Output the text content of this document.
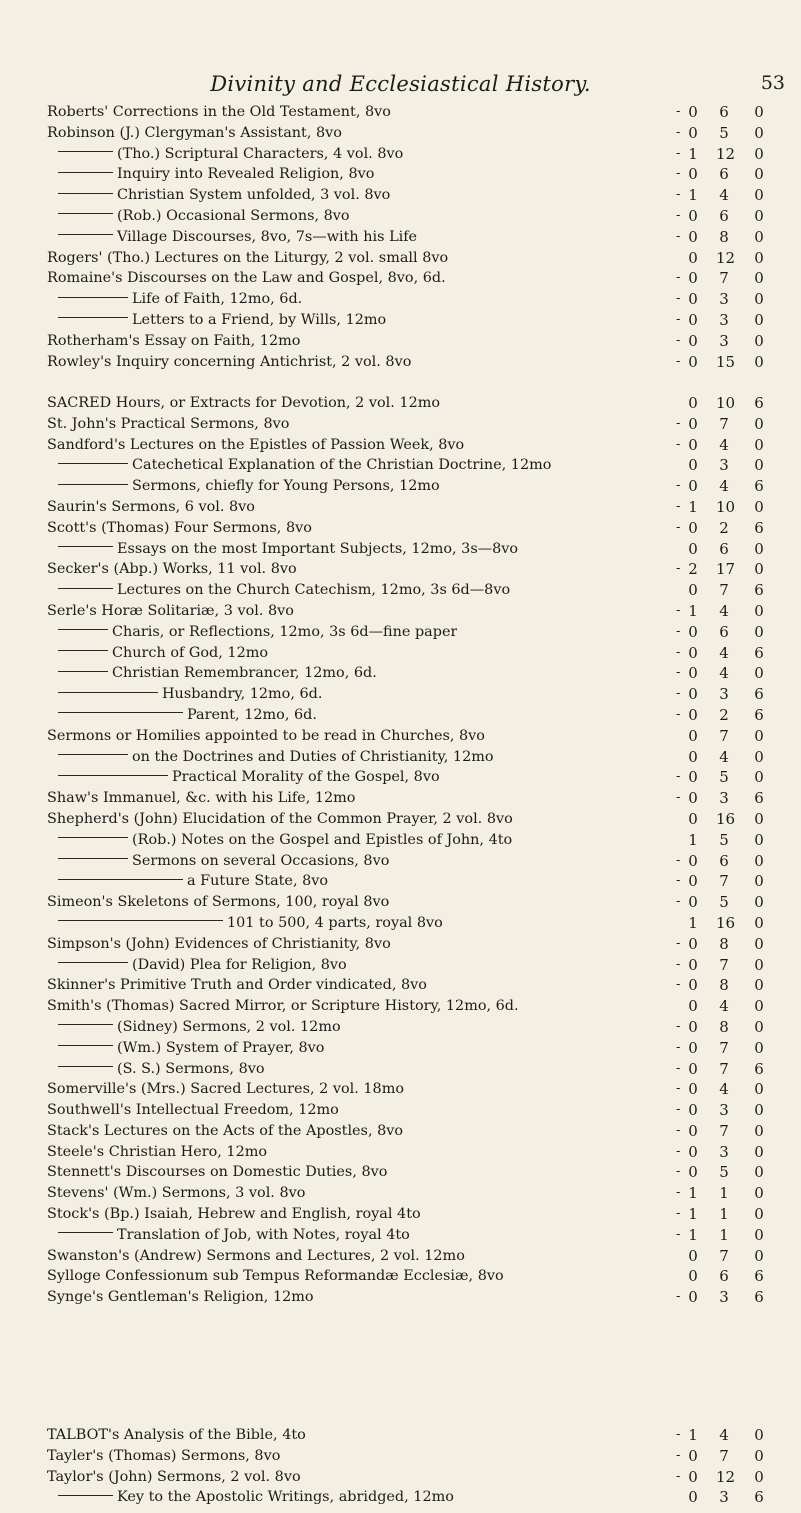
Divinity and Ecclesiastical History.	53
Roberts' Corrections in the Old Testament, 8vo	- 0 6 0
Robinson (J.) Clergyman's Assistant, 8vo	- 0 5 0
(Tho.) Scriptural Characters, 4 vol. 8vo	- 1 12 0
Inquiry into Revealed Religion, 8vo	- 0 6 0
Christian System unfolded, 3 vol. 8vo	- 1 4 0
(Rob.) Occasional Sermons, 8vo	- 0 6 0
Village Discourses, 8vo, 7s—with his Life	- 0 8 0
Rogers' (Tho.) Lectures on the Liturgy, 2 vol. small 8vo	0 12 0
Romaine's Discourses on the Law and Gospel, 8vo, 6d.	- 0 7 0
Life of Faith, 12mo, 6d.	- 0 3 0
Letters to a Friend, by Wills, 12mo	- 0 3 0
Rotherham's Essay on Faith, 12mo	- 0 3 0
Rowley's Inquiry concerning Antichrist, 2 vol. 8vo	- 0 15 0
SACRED Hours, or Extracts for Devotion, 2 vol. 12mo	0 10 6
St. John's Practical Sermons, 8vo	- 0 7 0
Sandford's Lectures on the Epistles of Passion Week, 8vo	- 0 4 0
Catechetical Explanation of the Christian Doctrine, 12mo	0 3 0
Sermons, chiefly for Young Persons, 12mo	- 0 4 6
Saurin's Sermons, 6 vol. 8vo	- 1 10 0
Scott's (Thomas) Four Sermons, 8vo	- 0 2 6
Essays on the most Important Subjects, 12mo, 3s—8vo	0 6 0
Secker's (Abp.) Works, 11 vol. 8vo	- 2 17 0
Lectures on the Church Catechism, 12mo, 3s 6d—8vo	0 7 6
Serle's Horæ Solitariæ, 3 vol. 8vo	- 1 4 0
Charis, or Reflections, 12mo, 3s 6d—fine paper	- 0 6 0
Church of God, 12mo	- 0 4 6
Christian Remembrancer, 12mo, 6d.	- 0 4 0
Husbandry, 12mo, 6d.	- 0 3 6
Parent, 12mo, 6d.	- 0 2 6
Sermons or Homilies appointed to be read in Churches, 8vo	0 7 0
on the Doctrines and Duties of Christianity, 12mo	0 4 0
Practical Morality of the Gospel, 8vo	- 0 5 0
Shaw's Immanuel, &c. with his Life, 12mo	- 0 3 6
Shepherd's (John) Elucidation of the Common Prayer, 2 vol. 8vo	0 16 0
(Rob.) Notes on the Gospel and Epistles of John, 4to	1 5 0
Sermons on several Occasions, 8vo	- 0 6 0
a Future State, 8vo	- 0 7 0
Simeon's Skeletons of Sermons, 100, royal 8vo	- 0 5 0
101 to 500, 4 parts, royal 8vo	1 16 0
Simpson's (John) Evidences of Christianity, 8vo	- 0 8 0
(David) Plea for Religion, 8vo	- 0 7 0
Skinner's Primitive Truth and Order vindicated, 8vo	- 0 8 0
Smith's (Thomas) Sacred Mirror, or Scripture History, 12mo, 6d.	0 4 0
(Sidney) Sermons, 2 vol. 12mo	- 0 8 0
(Wm.) System of Prayer, 8vo	- 0 7 0
(S. S.) Sermons, 8vo	- 0 7 6
Somerville's (Mrs.) Sacred Lectures, 2 vol. 18mo	- 0 4 0
Southwell's Intellectual Freedom, 12mo	- 0 3 0
Stack's Lectures on the Acts of the Apostles, 8vo	- 0 7 0
Steele's Christian Hero, 12mo	- 0 3 0
Stennett's Discourses on Domestic Duties, 8vo	- 0 5 0
Stevens' (Wm.) Sermons, 3 vol. 8vo	- 1 1 0
Stock's (Bp.) Isaiah, Hebrew and English, royal 4to	- 1 1 0
Translation of Job, with Notes, royal 4to	- 1 1 0
Swanston's (Andrew) Sermons and Lectures, 2 vol. 12mo	0 7 0
Sylloge Confessionum sub Tempus Reformandæ Ecclesiæ, 8vo	0 6 6
Synge's Gentleman's Religion, 12mo	- 0 3 6
TALBOT's Analysis of the Bible, 4to	- 1 4 0
Tayler's (Thomas) Sermons, 8vo	- 0 7 0
Taylor's (John) Sermons, 2 vol. 8vo	- 0 12 0
Key to the Apostolic Writings, abridged, 12mo	0 3 6
